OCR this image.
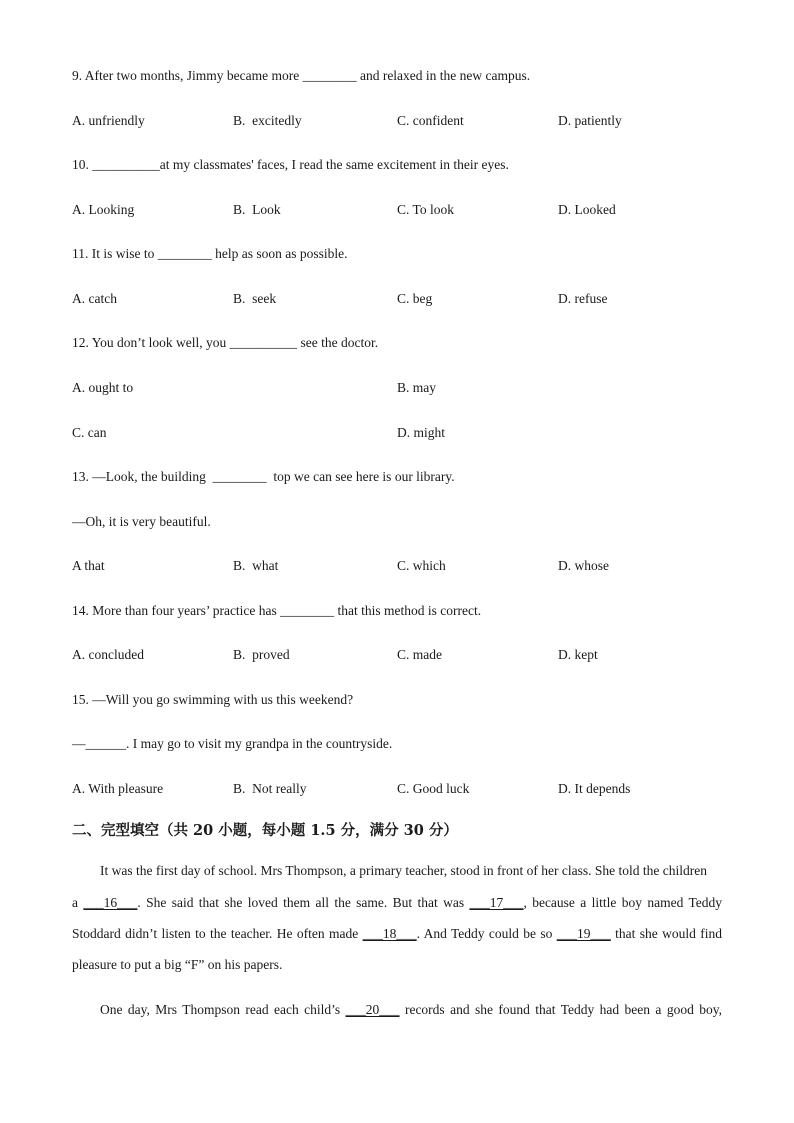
9. After two months, Jimmy became more ________ and relaxed in the new campus.
A. unfriendly	B.  excitedly	C. confident	D. patiently
10. __________at my classmates' faces, I read the same excitement in their eyes.
A. Looking	B.  Look	C. To look	D. Looked
11. It is wise to ________ help as soon as possible.
A. catch	B.  seek	C. beg	D. refuse
12. You don’t look well, you __________ see the doctor.
A. ought to	B. may
C. can	D. might
13. —Look, the building  ________  top we can see here is our library.
—Oh, it is very beautiful.
A that	B.  what	C. which	D. whose
14. More than four years’ practice has ________ that this method is correct.
A. concluded	B.  proved	C. made	D. kept
15. —Will you go swimming with us this weekend?
—______. I may go to visit my grandpa in the countryside.
A. With pleasure	B.  Not really	C. Good luck	D. It depends
二、完型填空（共 20 小题，每小题 1.5 分，满分 30 分）
It was the first day of school. Mrs Thompson, a primary teacher, stood in front of her class. She told the children
a ___16___. She said that she loved them all the same. But that was ___17___, because a little boy named Teddy
Stoddard didn’t listen to the teacher. He often made ___18___. And Teddy could be so ___19___ that she would find
pleasure to put a big “F” on his papers.
One day, Mrs Thompson read each child’s ___20___ records and she found that Teddy had been a good boy,
